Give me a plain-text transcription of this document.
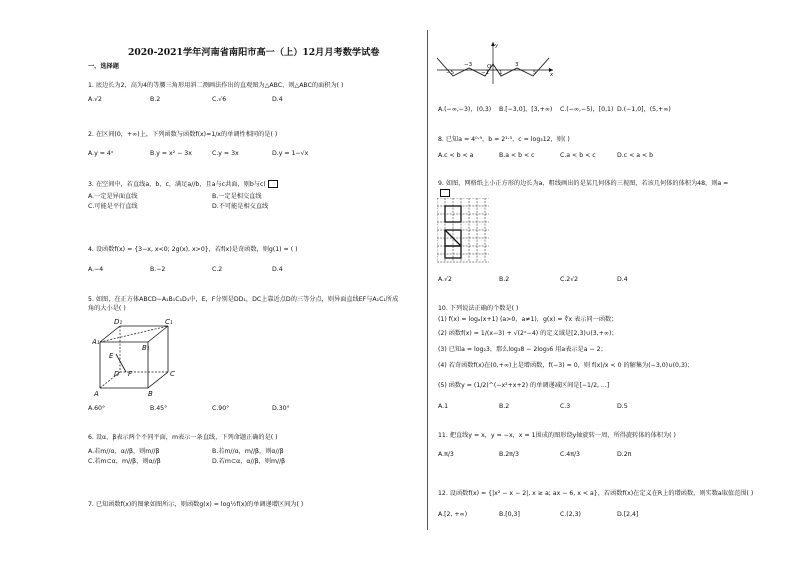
2020-2021学年河南省南阳市高一（上）12月月考数学试卷
一、选择题
1. 底边长为2，高为4的等腰三角形用斜二测画法作出的直观图为△ABC，则△ABC的面积为( )
A.√2	B.2	C.√6	D.4
2. 在区间(0，+∞)上，下列函数与函数f(x)=1/x的单调性相同的是( )
A.y = 4ˣ	B.y = x² − 3x	C.y = 3x	D.y = 1−√x
3. 在空间中，若直线a，b，c，满足a//b，且a与c共面，则b与c(
A.一定是异面直线	B.一定是相交直线
C.可能是平行直线	D.不可能是相交直线
4. 设函数f(x) = {3−x, x<0; 2g(x), x>0}，若f(x)是奇函数，则g(1) = ( )
A.−4	B.−2	C.2	D.4
5. 如图，在正方体ABCD−A₁B₁C₁D₁中，E，F分别是DD₁，DC上靠近点D的三等分点，则异面直线EF与A₁C₁所成
角的大小是( )
D₁	C₁
A₁
B₁
E
D F	C
A	B
A.60°	B.45°	C.90°	D.30°
6. 设α，β表示两个不同平面，m表示一条直线，下列命题正确的是( )
A.若m//α，α//β，则m//β	B.若m//α，m//β，则α//β
C.若m⊂α，m//β，则α//β	D.若m⊂α，α//β，则m//β
7. 已知函数f(x)的图象如图所示，则函数g(x) = log½f(x)的单调递增区间为( )
y
−5
−3
−1
O
1
3
5 x
A.(−∞,−3)，(0,3) B.[−3,0]，[3,+∞) C.(−∞,−5)，[0,1) D.(−1,0]，(5,+∞)
8. 已知a = 4⁰·⁹，b = 2¹·⁵，c = log₃12，则( )
A.c < b < a	B.a < b < c	C.a < b < c	D.c < a < b
9. 如图，网格纸上小正方形的边长为a，粗线画出的是某几何体的三视图，若该几何体的体积为48，则a =
A.√2	B.2	C.2√2	D.4
10. 下列说法正确的个数是( )
(1) f(x) = logₐ(x+1) (a>0，a≠1)，g(x) = ∜x 表示同一函数；
(2) 函数f(x) = 1/(x−3) + √(2ˣ−4) 的定义域是[2,3)∪(3,+∞)；
(3) 已知a = log₂3，那么log₃8 − 2log₃6 用a表示是a − 2；
(4) 若奇函数f(x)在(0,+∞)上是增函数，f(−3) = 0，则 f(x)/x < 0 的解集为(−3,0)∪(0,3)；
(5) 函数y = (1/2)^(−x²+x+2) 的单调递减区间是[−1/2, ...]
A.1	B.2	C.3	D.5
11. 把直线y = x，y = −x，x = 1围成的图形绕y轴旋转一周，所得旋转体的体积为( )
A.π/3	B.2π/3	C.4π/3	D.2π
12. 设函数f(x) = {|x² − x − 2|, x ≥ a; ax − 6, x < a}，若函数f(x)在定义在R上的增函数，则实数a取值范围( )
A.[2, +∞)	B.[0,3]	C.(2,3)	D.[2,4]
